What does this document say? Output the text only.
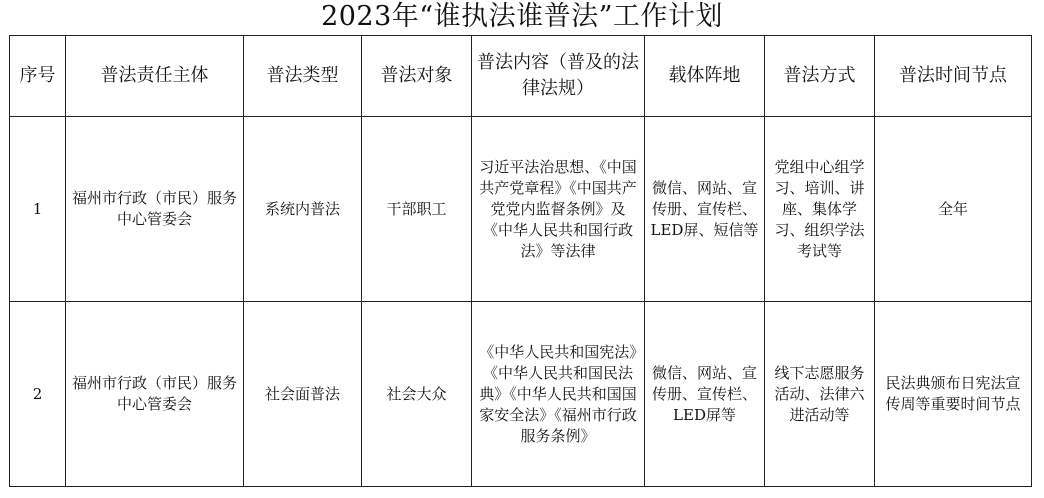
2023年“谁执法谁普法”工作计划
序号	普法责任主体	普法类型	普法对象	普法内容（普及的法律法规）	载体阵地	普法方式	普法时间节点
1	福州市行政（市民）服务中心管委会	系统内普法	干部职工	习近平法治思想、《中国共产党章程》《中国共产党党内监督条例》及《中华人民共和国行政法》等法律	微信、网站、宣传册、宣传栏、LED屏、短信等	党组中心组学习、培训、讲座、集体学习、组织学法考试等	全年
2	福州市行政（市民）服务中心管委会	社会面普法	社会大众	《中华人民共和国宪法》《中华人民共和国民法典》《中华人民共和国国家安全法》《福州市行政服务条例》	微信、网站、宣传册、宣传栏、LED屏等	线下志愿服务活动、法律六进活动等	民法典颁布日宪法宣传周等重要时间节点
